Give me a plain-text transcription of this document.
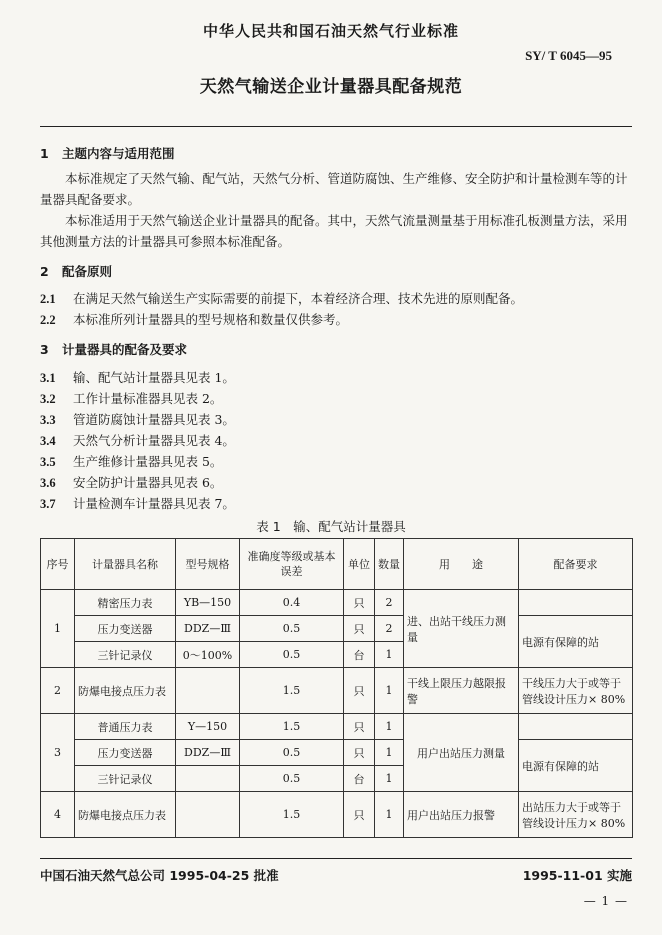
中华人民共和国石油天然气行业标准
SY/ T 6045—95
天然气输送企业计量器具配备规范
1 主题内容与适用范围

本标准规定了天然气输、配气站，天然气分析、管道防腐蚀、生产维修、安全防护和计量检测车等的计量器具配备要求。

本标准适用于天然气输送企业计量器具的配备。其中，天然气流量测量基于用标准孔板测量方法，采用其他测量方法的计量器具可参照本标准配备。

2 配备原则
2.1 在满足天然气输送生产实际需要的前提下，本着经济合理、技术先进的原则配备。
2.2 本标准所列计量器具的型号规格和数量仅供参考。
3 计量器具的配备及要求
3.1 输、配气站计量器具见表 1。
3.2 工作计量标准器具见表 2。
3.3 管道防腐蚀计量器具见表 3。
3.4 天然气分析计量器具见表 4。
3.5 生产维修计量器具见表 5。
3.6 安全防护计量器具见表 6。
3.7 计量检测车计量器具见表 7。
表 1　输、配气站计量器具
序号	计量器具名称	型号规格	准确度等级或基本误差	单位	数量	用　　途	配备要求
1	精密压力表	YB—150	0.4	只	2	进、出站干线压力测量	
	压力变送器	DDZ—Ⅲ	0.5	只	2		电源有保障的站
	三针记录仪	0～100%	0.5	台	1		
2	防爆电接点压力表		1.5	只	1	干线上限压力越限报警	干线压力大于或等于管线设计压力× 80%
3	普通压力表	Y—150	1.5	只	1	用户出站压力测量	
	压力变送器	DDZ—Ⅲ	0.5	只	1		电源有保障的站
	三针记录仪		0.5	台	1		
4	防爆电接点压力表		1.5	只	1	用户出站压力报警	出站压力大于或等于管线设计压力× 80%
中国石油天然气总公司 1995-04-25 批准	1995-11-01 实施
— 1 —
